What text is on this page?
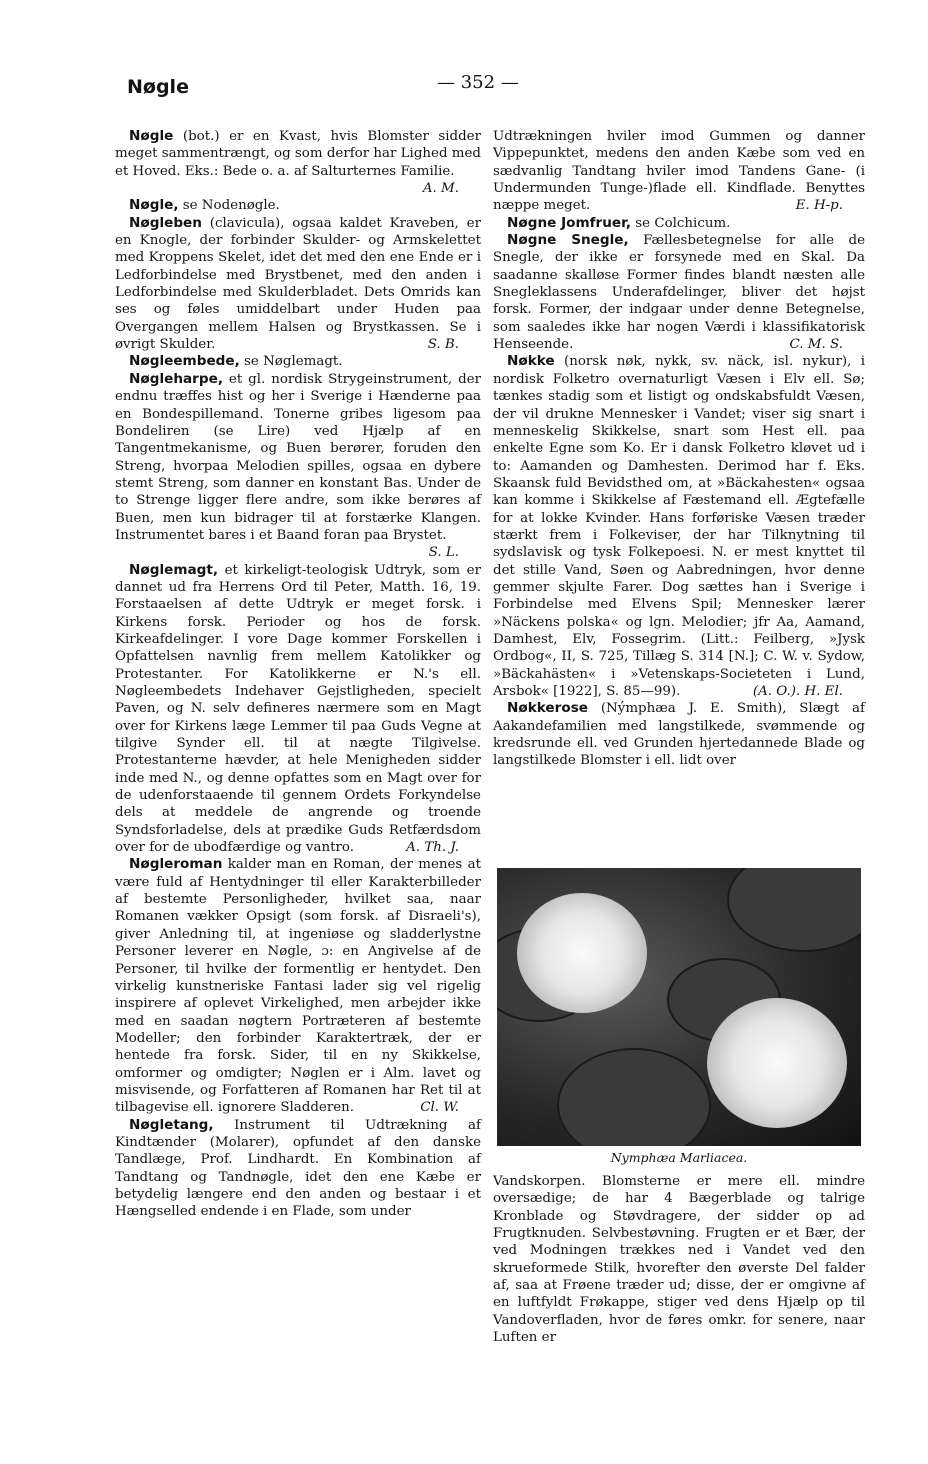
Nøgle	— 352 —

Nøgle (bot.) er en Kvast, hvis Blomster sidder meget sammentrængt, og som derfor har Lighed med et Hoved. Eks.: Bede o. a. af Salturternes Familie.
A. M.

Nøgle, se Nodenøgle.

Nøgleben (clavicula), ogsaa kaldet Kraveben, er en Knogle, der forbinder Skulder- og Armskelettet med Kroppens Skelet, idet det med den ene Ende er i Ledforbindelse med Brystbenet, med den anden i Ledforbindelse med Skulderbladet. Dets Omrids kan ses og føles umiddelbart under Huden paa Overgangen mellem Halsen og Brystkassen. Se i øvrigt Skulder.	S. B.

Nøgleembede, se Nøglemagt.

Nøgleharpe, et gl. nordisk Strygeinstrument, der endnu træffes hist og her i Sverige i Hænderne paa en Bondespillemand. Tonerne gribes ligesom paa Bondeliren (se Lire) ved Hjælp af en Tangentmekanisme, og Buen berører, foruden den Streng, hvorpaa Melodien spilles, ogsaa en dybere stemt Streng, som danner en konstant Bas. Under de to Strenge ligger flere andre, som ikke berøres af Buen, men kun bidrager til at forstærke Klangen. Instrumentet bares i et Baand foran paa Brystet.
S. L.

Nøglemagt, et kirkeligt-teologisk Udtryk, som er dannet ud fra Herrens Ord til Peter, Matth. 16, 19. Forstaaelsen af dette Udtryk er meget forsk. i Kirkens forsk. Perioder og hos de forsk. Kirkeafdelinger. I vore Dage kommer Forskellen i Opfattelsen navnlig frem mellem Katolikker og Protestanter. For Katolikkerne er N.'s ell. Nøgleembedets Indehaver Gejstligheden, specielt Paven, og N. selv defineres nærmere som en Magt over for Kirkens læge Lemmer til paa Guds Vegne at tilgive Synder ell. til at nægte Tilgivelse. Protestanterne hævder, at hele Menigheden sidder inde med N., og denne opfattes som en Magt over for de udenforstaaende til gennem Ordets Forkyndelse dels at meddele de angrende og troende Syndsforladelse, dels at prædike Guds Retfærdsdom over for de ubodfærdige og vantro.	A. Th. J.

Nøgleroman kalder man en Roman, der menes at være fuld af Hentydninger til eller Karakterbilleder af bestemte Personligheder, hvilket saa, naar Romanen vækker Opsigt (som forsk. af Disraeli's), giver Anledning til, at ingeniøse og sladderlystne Personer leverer en Nøgle, ɔ: en Angivelse af de Personer, til hvilke der formentlig er hentydet. Den virkelig kunstneriske Fantasi lader sig vel rigelig inspirere af oplevet Virkelighed, men arbejder ikke med en saadan nøgtern Portræteren af bestemte Modeller; den forbinder Karaktertræk, der er hentede fra forsk. Sider, til en ny Skikkelse, omformer og omdigter; Nøglen er i Alm. lavet og misvisende, og Forfatteren af Romanen har Ret til at tilbagevise ell. ignorere Sladderen.	Cl. W.

Nøgletang, Instrument til Udtrækning af Kindtænder (Molarer), opfundet af den danske Tandlæge, Prof. Lindhardt. En Kombination af Tandtang og Tandnøgle, idet den ene Kæbe er betydelig længere end den anden og bestaar i et Hængselled endende i en Flade, som under

Udtrækningen hviler imod Gummen og danner Vippepunktet, medens den anden Kæbe som ved en sædvanlig Tandtang hviler imod Tandens Gane- (i Undermunden Tunge-)flade ell. Kindflade. Benyttes næppe meget.	E. H-p.

Nøgne Jomfruer, se Colchicum.

Nøgne Snegle, Fællesbetegnelse for alle de Snegle, der ikke er forsynede med en Skal. Da saadanne skalløse Former findes blandt næsten alle Snegleklassens Underafdelinger, bliver det højst forsk. Former, der indgaar under denne Betegnelse, som saaledes ikke har nogen Værdi i klassifikatorisk Henseende.	C. M. S.

Nøkke (norsk nøk, nykk, sv. näck, isl. nykur), i nordisk Folketro overnaturligt Væsen i Elv ell. Sø; tænkes stadig som et listigt og ondskabsfuldt Væsen, der vil drukne Mennesker i Vandet; viser sig snart i menneskelig Skikkelse, snart som Hest ell. paa enkelte Egne som Ko. Er i dansk Folketro kløvet ud i to: Aamanden og Damhesten. Derimod har f. Eks. Skaansk fuld Bevidsthed om, at »Bäckahesten« ogsaa kan komme i Skikkelse af Fæstemand ell. Ægtefælle for at lokke Kvinder. Hans forføriske Væsen træder stærkt frem i Folkeviser, der har Tilknytning til sydslavisk og tysk Folkepoesi. N. er mest knyttet til det stille Vand, Søen og Aabredningen, hvor denne gemmer skjulte Farer. Dog sættes han i Sverige i Forbindelse med Elvens Spil; Mennesker lærer »Näckens polska« og lgn. Melodier; jfr Aa, Aamand, Damhest, Elv, Fossegrim. (Litt.: Feilberg, »Jysk Ordbog«, II, S. 725, Tillæg S. 314 [N.]; C. W. v. Sydow, »Bäckahästen« i »Vetenskaps-Societeten i Lund, Arsbok« [1922], S. 85—99).	(A. O.). H. El.

Nøkkerose (Nýmphæa J. E. Smith), Slægt af Aakandefamilien med langstilkede, svømmende og kredsrunde ell. ved Grunden hjertedannede Blade og langstilkede Blomster i ell. lidt over

Nymphæa Marliacea.

Vandskorpen. Blomsterne er mere ell. mindre oversædige; de har 4 Bægerblade og talrige Kronblade og Støvdragere, der sidder op ad Frugtknuden. Selvbestøvning. Frugten er et Bær, der ved Modningen trækkes ned i Vandet ved den skrueformede Stilk, hvorefter den øverste Del falder af, saa at Frøene træder ud; disse, der er omgivne af en luftfyldt Frøkappe, stiger ved dens Hjælp op til Vandoverfladen, hvor de føres omkr. for senere, naar Luften er
